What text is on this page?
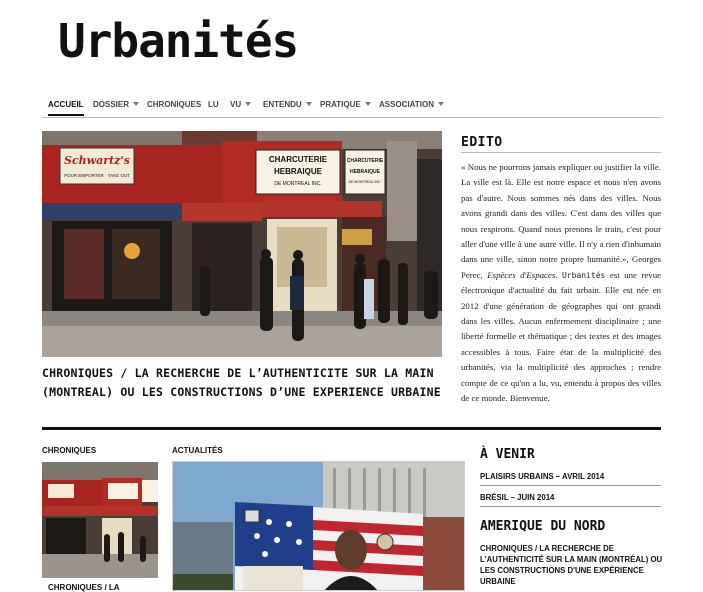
Urbanités
ACCUEIL DOSSIER	CHRONIQUES LU VU	ENTENDU	PRATIQUE	ASSOCIATION
Schwartz's
POUR EMPORTER · TAKE OUT
CHARCUTERIE
HEBRAIQUE
DE MONTREAL INC.
CHARCUTERIE
HEBRAIQUE
DE MONTREAL INC.
CHRONIQUES / LA RECHERCHE DE L’AUTHENTICITE SUR LA MAIN (MONTREAL) OU LES CONSTRUCTIONS D’UNE EXPERIENCE URBAINE
EDITO
« Nous ne pourrons jamais expliquer ou justifier la ville. La ville est là. Elle est notre espace et nous n'en avons pas d'autre. Nous sommes nés dans des villes. Nous avons grandi dans des villes. C'est dans des villes que nous respirons. Quand nous prenons le train, c'est pour aller d'une ville à une autre ville. Il n'y a rien d'inhumain dans une ville, sinon notre propre humanité.», Georges Perec, Espèces d'Espaces. Urbanités est une revue électronique d'actualité du fait urbain. Elle est née en 2012 d'une génération de géographes qui ont grandi dans les villes. Aucun enfermement disciplinaire ; une liberté formelle et thématique ; des textes et des images accessibles à tous. Faire état de la multiplicité des urbanités, via la multiplicité des approches ; rendre compte de ce qu'on a lu, vu, entendu à propos des villes de ce monde. Bienvenue.
CHRONIQUES
CHRONIQUES / LA
ACTUALITÉS	À VENIR
PLAISIRS URBAINS – AVRIL 2014
BRÉSIL – JUIN 2014
AMERIQUE DU NORD
CHRONIQUES / LA RECHERCHE DE L'AUTHENTICITÉ SUR LA MAIN (MONTRÉAL) OU LES CONSTRUCTIONS D'UNE EXPÉRIENCE URBAINE
